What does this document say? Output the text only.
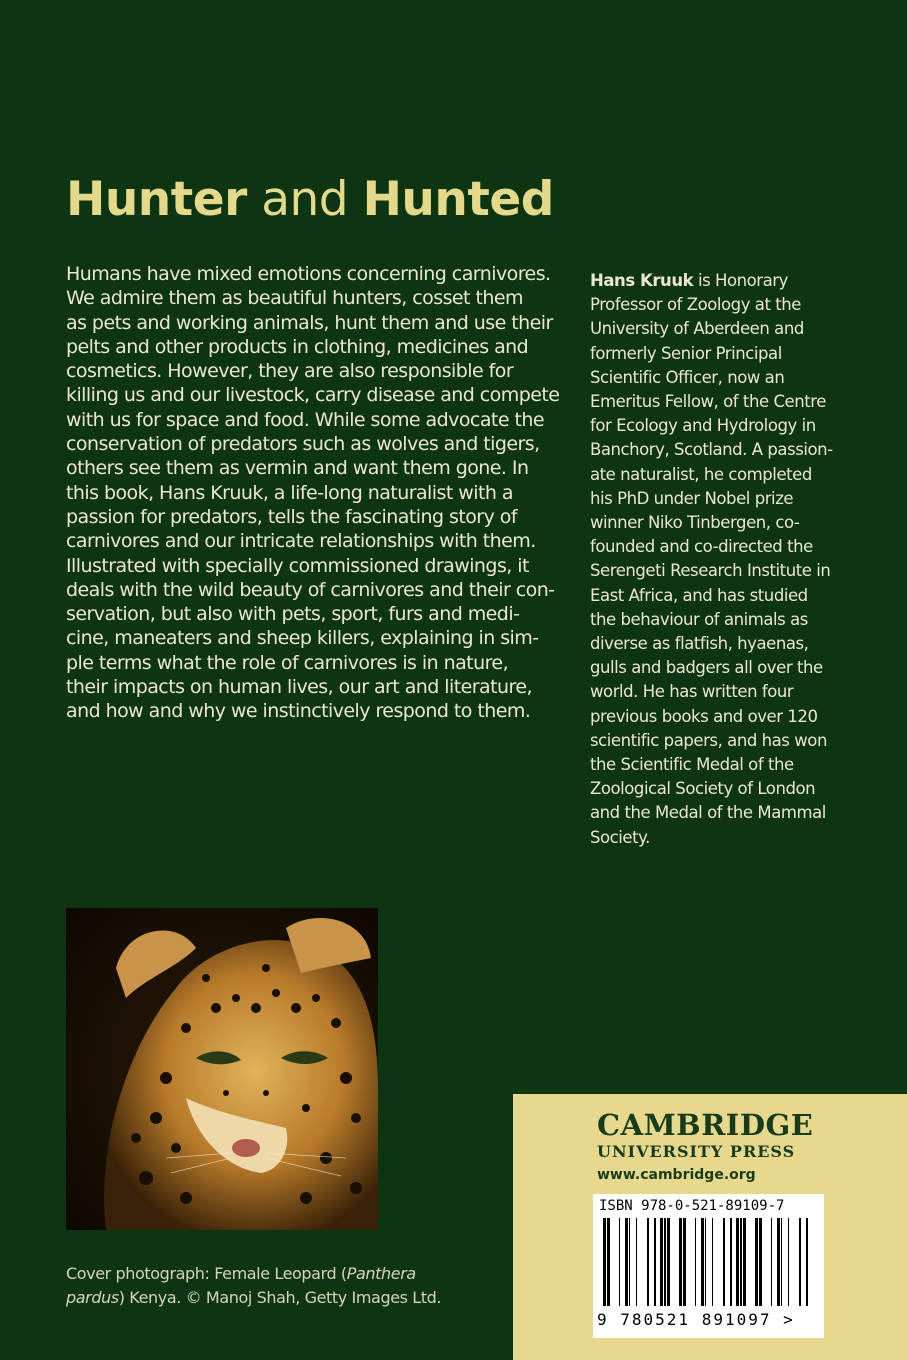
Hunter and Hunted
Humans have mixed emotions concerning carnivores.
We admire them as beautiful hunters, cosset them
as pets and working animals, hunt them and use their
pelts and other products in clothing, medicines and
cosmetics. However, they are also responsible for
killing us and our livestock, carry disease and compete
with us for space and food. While some advocate the
conservation of predators such as wolves and tigers,
others see them as vermin and want them gone. In
this book, Hans Kruuk, a life-long naturalist with a
passion for predators, tells the fascinating story of
carnivores and our intricate relationships with them.
Illustrated with specially commissioned drawings, it
deals with the wild beauty of carnivores and their con-
servation, but also with pets, sport, furs and medi-
cine, maneaters and sheep killers, explaining in sim-
ple terms what the role of carnivores is in nature,
their impacts on human lives, our art and literature,
and how and why we instinctively respond to them.
Hans Kruuk is Honorary
Professor of Zoology at the
University of Aberdeen and
formerly Senior Principal
Scientific Officer, now an
Emeritus Fellow, of the Centre
for Ecology and Hydrology in
Banchory, Scotland. A passion-
ate naturalist, he completed
his PhD under Nobel prize
winner Niko Tinbergen, co-
founded and co-directed the
Serengeti Research Institute in
East Africa, and has studied
the behaviour of animals as
diverse as flatfish, hyaenas,
gulls and badgers all over the
world. He has written four
previous books and over 120
scientific papers, and has won
the Scientific Medal of the
Zoological Society of London
and the Medal of the Mammal
Society.
Cover photograph: Female Leopard (Panthera
pardus) Kenya. © Manoj Shah, Getty Images Ltd.
CAMBRIDGE
UNIVERSITY PRESS
www.cambridge.org
ISBN 978-0-521-89109-7
9 780521 891097 >
